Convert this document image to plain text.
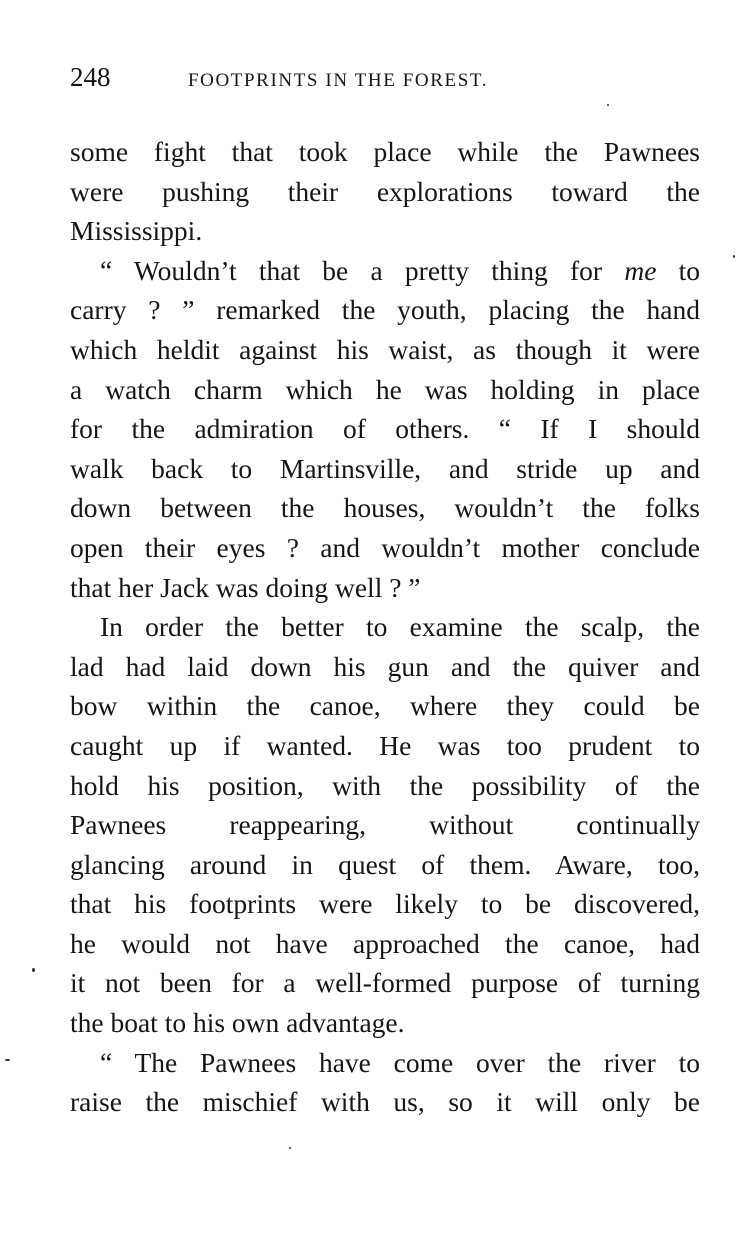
248	FOOTPRINTS IN THE FOREST.
some fight that took place while the Pawnees
were pushing their explorations toward the
Mississippi.
“ Wouldn’t that be a pretty thing for me to
carry ? ” remarked the youth, placing the hand
which heldit against his waist, as though it were
a watch charm which he was holding in place
for the admiration of others. “ If I should
walk back to Martinsville, and stride up and
down between the houses, wouldn’t the folks
open their eyes ? and wouldn’t mother conclude
that her Jack was doing well ? ”
In order the better to examine the scalp, the
lad had laid down his gun and the quiver and
bow within the canoe, where they could be
caught up if wanted. He was too prudent to
hold his position, with the possibility of the
Pawnees reappearing, without continually
glancing around in quest of them. Aware, too,
that his footprints were likely to be discovered,
he would not have approached the canoe, had
it not been for a well-formed purpose of turning
the boat to his own advantage.
“ The Pawnees have come over the river to
raise the mischief with us, so it will only be
